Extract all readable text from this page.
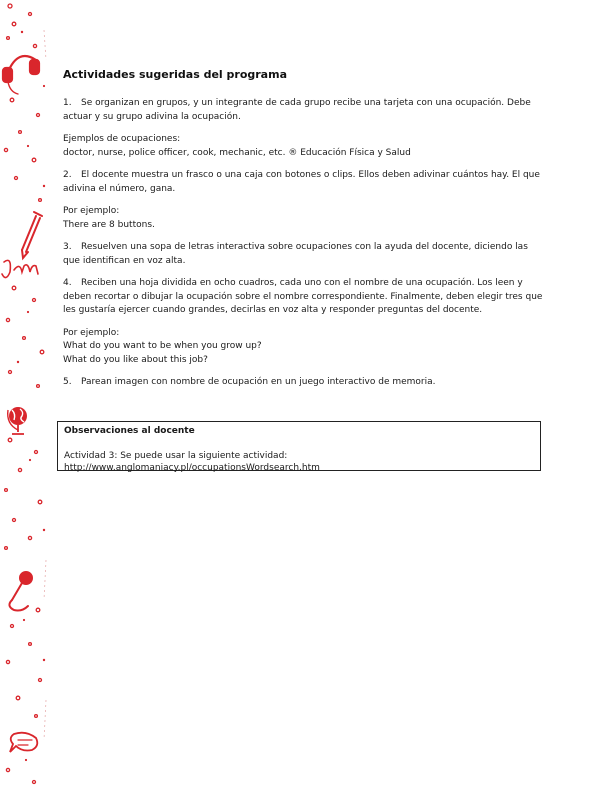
Actividades sugeridas del programa

1. Se organizan en grupos, y un integrante de cada grupo recibe una tarjeta con una ocupación. Debe actuar y su grupo adivina la ocupación.

Ejemplos de ocupaciones:
doctor, nurse, police officer, cook, mechanic, etc. ® Educación Física y Salud

2. El docente muestra un frasco o una caja con botones o clips. Ellos deben adivinar cuántos hay. El que adivina el número, gana.

Por ejemplo:
There are 8 buttons.

3. Resuelven una sopa de letras interactiva sobre ocupaciones con la ayuda del docente, diciendo las que identifican en voz alta.

4. Reciben una hoja dividida en ocho cuadros, cada uno con el nombre de una ocupación. Los leen y deben recortar o dibujar la ocupación sobre el nombre correspondiente. Finalmente, deben elegir tres que les gustaría ejercer cuando grandes, decirlas en voz alta y responder preguntas del docente.

Por ejemplo:
What do you want to be when you grow up?
What do you like about this job?

5. Parean imagen con nombre de ocupación en un juego interactivo de memoria.

Observaciones al docente
Actividad 3: Se puede usar la siguiente actividad:
http://www.anglomaniacy.pl/occupationsWordsearch.htm
